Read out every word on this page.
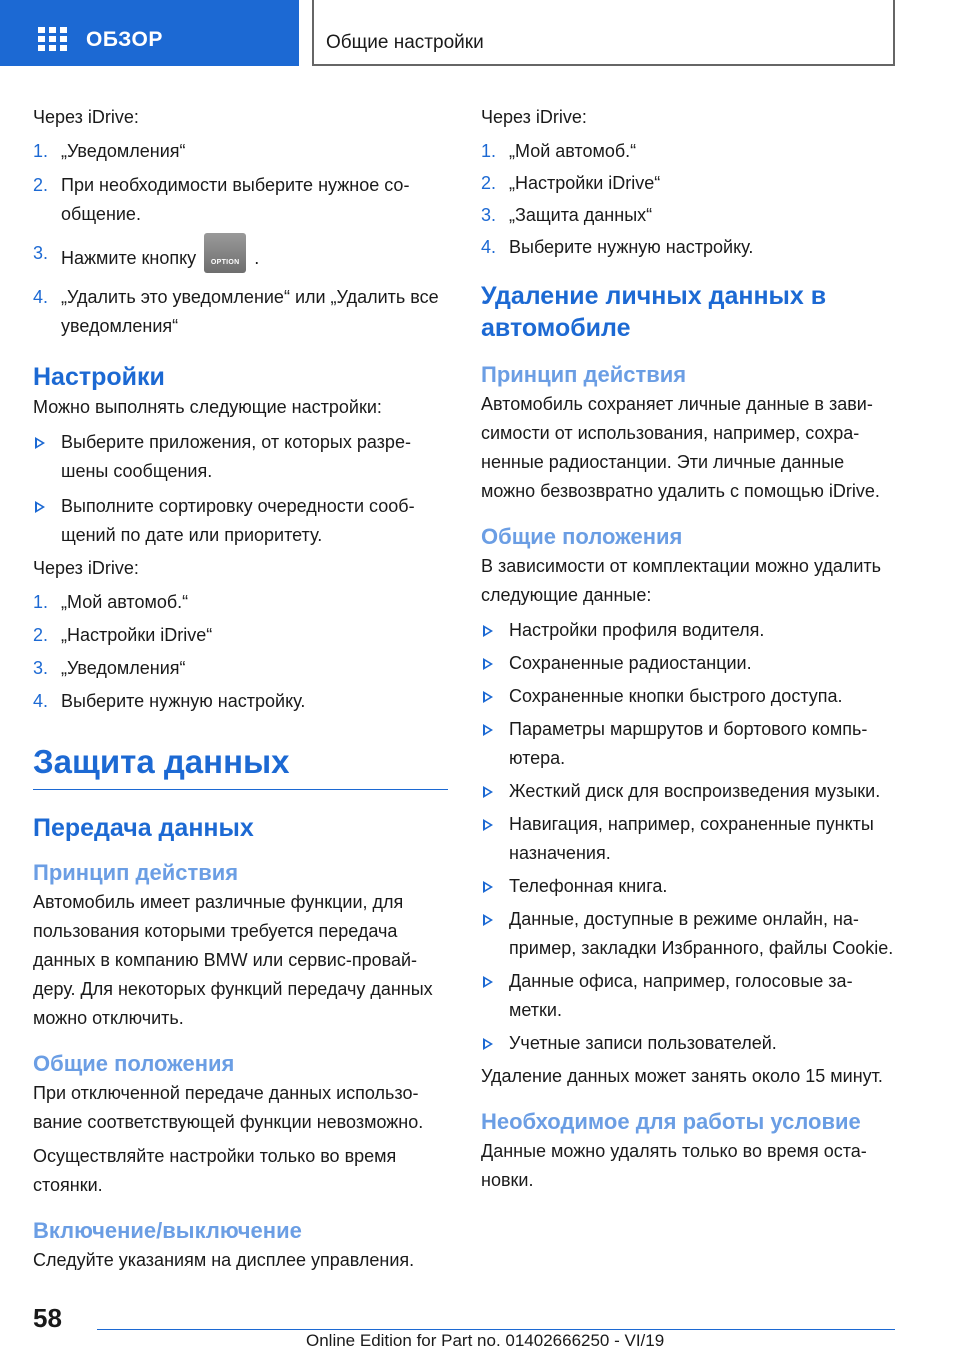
ОБЗОР	Общие настройки

Через iDrive:

1. „Уведомления“
2. При необходимости выберите нужное сообщение.
3. Нажмите кнопку	OPTION .
4. „Удалить это уведомление“ или „Удалить все уведомления“
Настройки

Можно выполнять следующие настройки:

Выберите приложения, от которых разрешены сообщения.
Выполните сортировку очередности сообщений по дате или приоритету.

Через iDrive:

1. „Мой автомоб.“
2. „Настройки iDrive“
3. „Уведомления“
4. Выберите нужную настройку.
Защита данных
Передача данных
Принцип действия

Автомобиль имеет различные функции, для пользования которыми требуется передача данных в компанию BMW или сервис-провайдеру. Для некоторых функций передачу данных можно отключить.

Общие положения

При отключенной передаче данных использование соответствующей функции невозможно.

Осуществляйте настройки только во время стоянки.

Включение/выключение

Следуйте указаниям на дисплее управления.

Через iDrive:

1. „Мой автомоб.“
2. „Настройки iDrive“
3. „Защита данных“
4. Выберите нужную настройку.
Удаление личных данных в автомобиле
Принцип действия

Автомобиль сохраняет личные данные в зависимости от использования, например, сохраненные радиостанции. Эти личные данные можно безвозвратно удалить с помощью iDrive.

Общие положения

В зависимости от комплектации можно удалить следующие данные:

Настройки профиля водителя.
Сохраненные радиостанции.
Сохраненные кнопки быстрого доступа.
Параметры маршрутов и бортового компьютера.
Жесткий диск для воспроизведения музыки.
Навигация, например, сохраненные пункты назначения.
Телефонная книга.
Данные, доступные в режиме онлайн, например, закладки Избранного, файлы Cookie.
Данные офиса, например, голосовые заметки.
Учетные записи пользователей.

Удаление данных может занять около 15 минут.

Необходимое для работы условие

Данные можно удалять только во время остановки.

58
Online Edition for Part no. 01402666250 - VI/19
